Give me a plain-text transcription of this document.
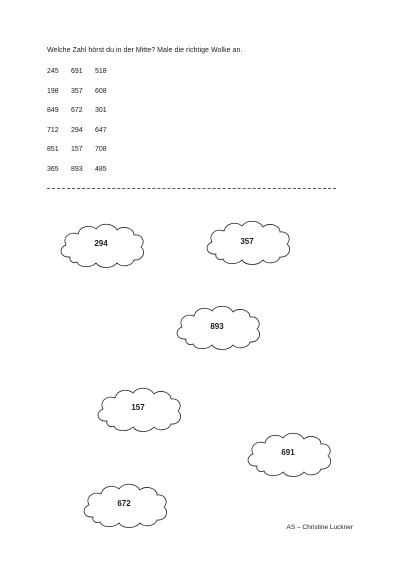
Welche Zahl hörst du in der Mitte? Male die richtige Wolke an.
245 691 518
198 357 608
849 672 301
712 294 647
851 157 708
365 893 485
294	357
893
157
691
672
AS – Christine Luckner
